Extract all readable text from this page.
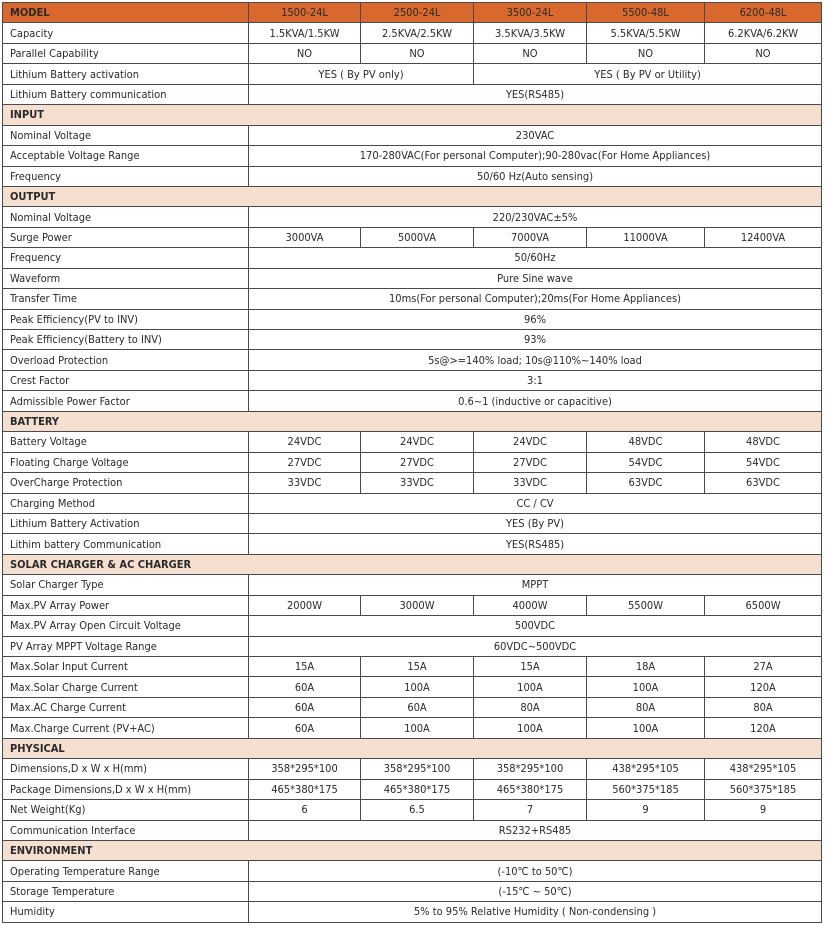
MODEL	1500-24L	2500-24L	3500-24L	5500-48L	6200-48L
Capacity	1.5KVA/1.5KW	2.5KVA/2.5KW	3.5KVA/3.5KW	5.5KVA/5.5KW	6.2KVA/6.2KW
Parallel Capability	NO	NO	NO	NO	NO
Lithium Battery activation	YES ( By PV only)		YES ( By PV or Utility)		
Lithium Battery communication	YES(RS485)				
INPUT					
Nominal Voltage	230VAC				
Acceptable Voltage Range	170-280VAC(For personal Computer);90-280vac(For Home Appliances)				
Frequency	50/60 Hz(Auto sensing)				
OUTPUT					
Nominal Voltage	220/230VAC±5%				
Surge Power	3000VA	5000VA	7000VA	11000VA	12400VA
Frequency	50/60Hz				
Waveform	Pure Sine wave				
Transfer Time	10ms(For personal Computer);20ms(For Home Appliances)				
Peak Efficiency(PV to INV)	96%				
Peak Efficiency(Battery to INV)	93%				
Overload Protection	5s@>=140% load; 10s@110%~140% load				
Crest Factor	3:1				
Admissible Power Factor	0.6~1 (inductive or capacitive)				
BATTERY					
Battery Voltage	24VDC	24VDC	24VDC	48VDC	48VDC
Floating Charge Voltage	27VDC	27VDC	27VDC	54VDC	54VDC
OverCharge Protection	33VDC	33VDC	33VDC	63VDC	63VDC
Charging Method	CC / CV				
Lithium Battery Activation	YES (By PV)				
Lithim battery Communication	YES(RS485)				
SOLAR CHARGER & AC CHARGER					
Solar Charger Type	MPPT				
Max.PV Array Power	2000W	3000W	4000W	5500W	6500W
Max.PV Array Open Circuit Voltage	500VDC				
PV Array MPPT Voltage Range	60VDC~500VDC				
Max.Solar Input Current	15A	15A	15A	18A	27A
Max.Solar Charge Current	60A	100A	100A	100A	120A
Max.AC Charge Current	60A	60A	80A	80A	80A
Max.Charge Current (PV+AC)	60A	100A	100A	100A	120A
PHYSICAL					
Dimensions,D x W x H(mm)	358*295*100	358*295*100	358*295*100	438*295*105	438*295*105
Package Dimensions,D x W x H(mm)	465*380*175	465*380*175	465*380*175	560*375*185	560*375*185
Net Weight(Kg)	6	6.5	7	9	9
Communication Interface	RS232+RS485				
ENVIRONMENT					
Operating Temperature Range	(-10℃ to 50℃)				
Storage Temperature	(-15℃ ~ 50℃)				
Humidity	5% to 95% Relative Humidity ( Non-condensing )				
